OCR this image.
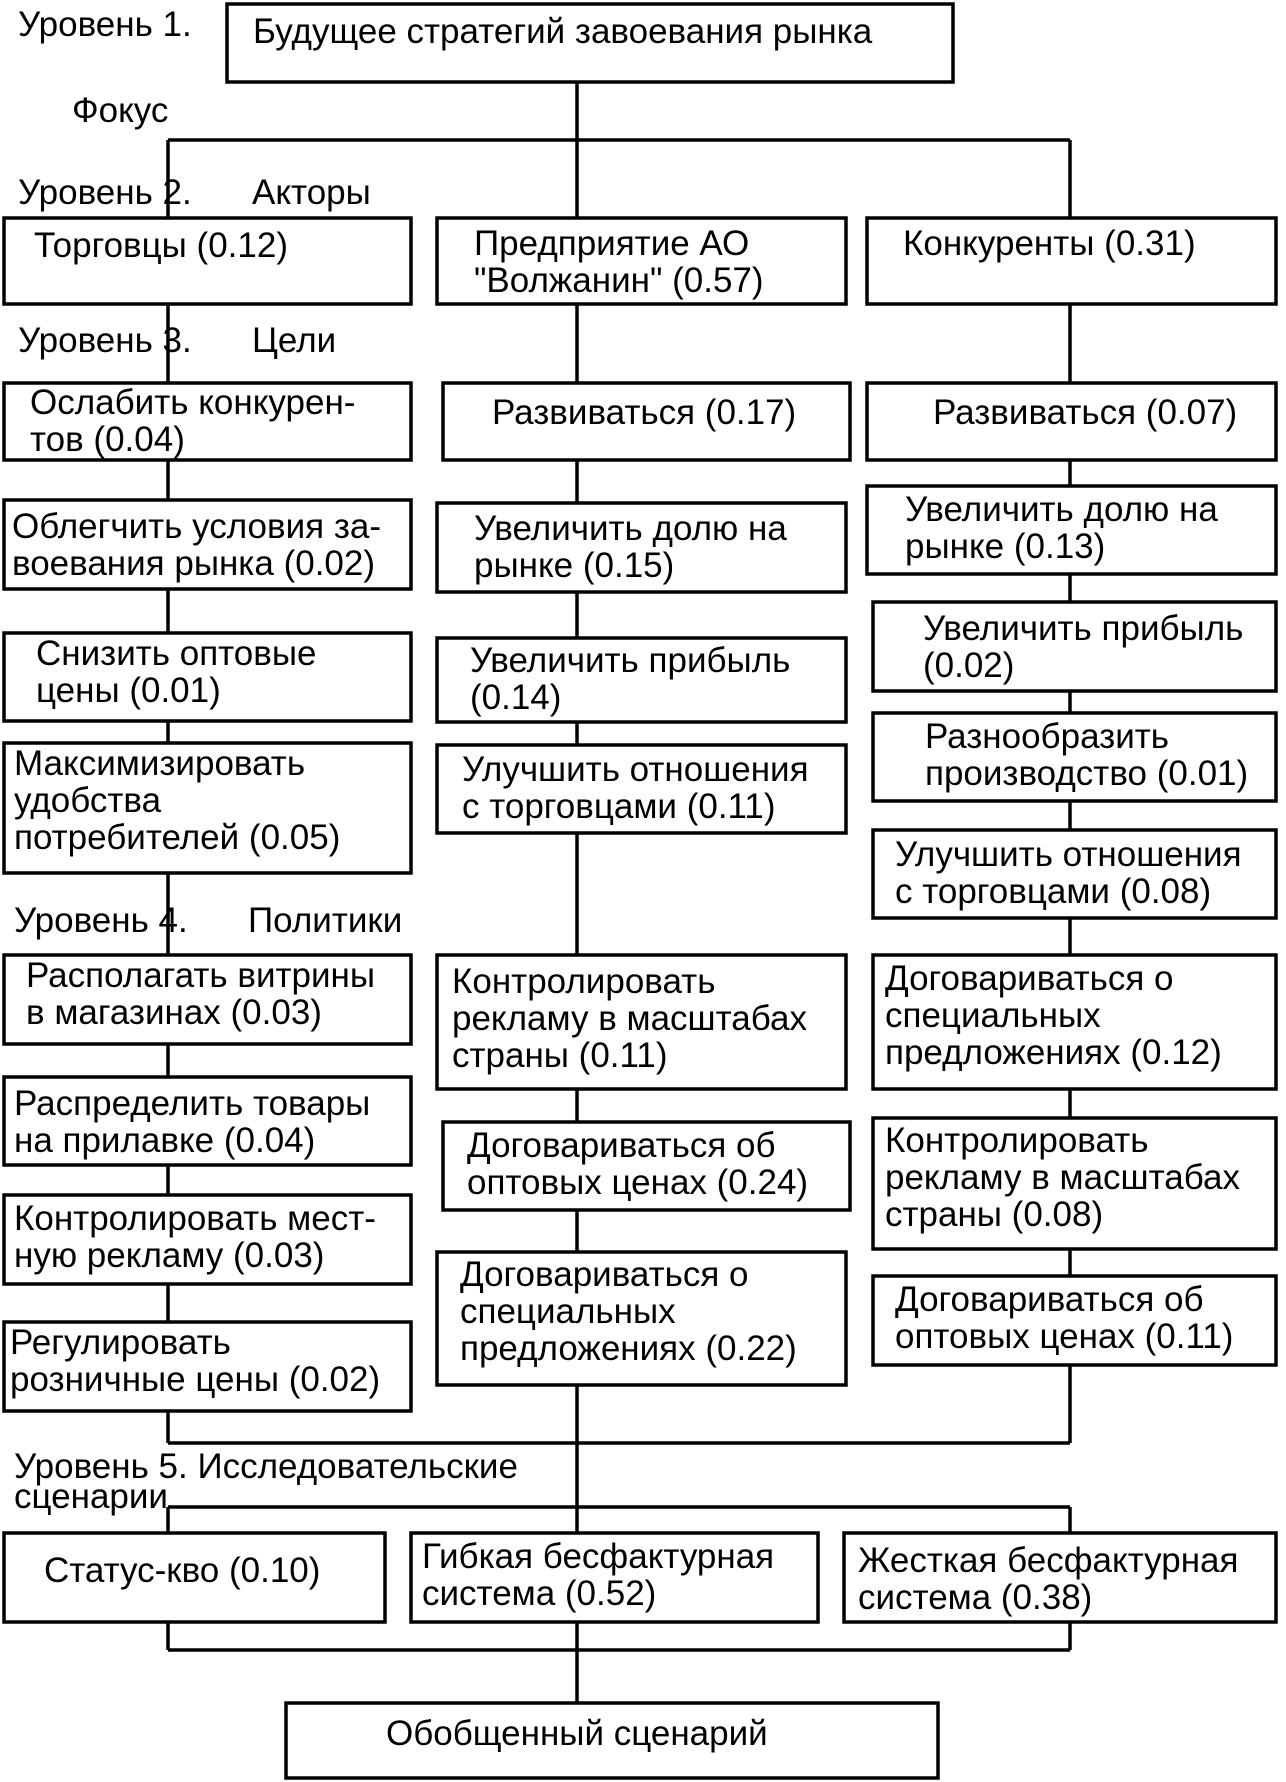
Уровень 1.
Фокус
Уровень 2. Акторы
Уровень 3. Цели
Уровень 4. Политики
Уровень 5. Исследовательские
сценарии
Будущее стратегий завоевания рынка
Торговцы (0.12)	Предприятие АО "Волжанин" (0.57)
Конкуренты (0.31)
Ослабить конкурен-тов (0.04)
Облегчить условия за-воевания рынка (0.02)
Снизить оптовые цены (0.01)
Максимизировать удобства потребителей (0.05)
Развиваться (0.17)
Увеличить долю на рынке (0.15)
Увеличить прибыль (0.14)
Улучшить отношения с торговцами (0.11)
Развиваться (0.07)
Увеличить долю на рынке (0.13)
Увеличить прибыль (0.02)
Разнообразить производство (0.01)
Улучшить отношения с торговцами (0.08)
Располагать витрины в магазинах (0.03)
Распределить товары на прилавке (0.04)
Контролировать мест-ную рекламу (0.03)
Регулировать розничные цены (0.02)
Контролировать рекламу в масштабах страны (0.11)
Договариваться об оптовых ценах (0.24)
Договариваться о специальных предложениях (0.22)
Договариваться о специальных предложениях (0.12)
Контролировать рекламу в масштабах страны (0.08)
Договариваться об оптовых ценах (0.11)
Статус-кво (0.10)	Гибкая бесфактурная система (0.52)
Жесткая бесфактурная система (0.38)
Обобщенный сценарий
